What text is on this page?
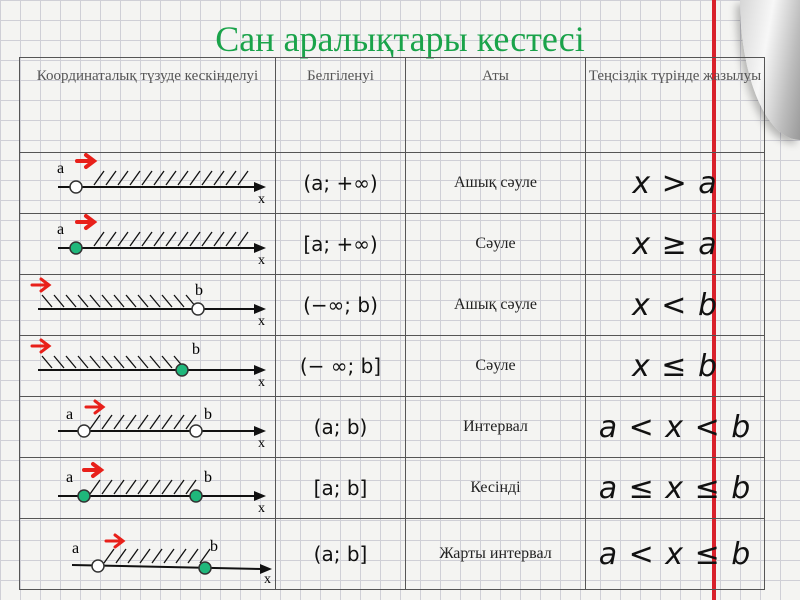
Сан аралықтары кестесі
Координаталық түзуде кескінделуі	Белгіленуі	Аты	Теңсіздік түрінде жазылуы

a
x	(a; +∞)	Ашық сәуле	x > a

a
x	[a; +∞)	Сәуле	x ≥ a

b
x	(−∞; b)	Ашық сәуле	x < b

b
x	(− ∞; b]	Сәуле	x ≤ b

a b
x	(a; b)	Интервал	a < x < b

a b
x	[a; b]	Кесінді	a ≤ x ≤ b

a b
x	(a; b]	Жарты интервал	a < x ≤ b
